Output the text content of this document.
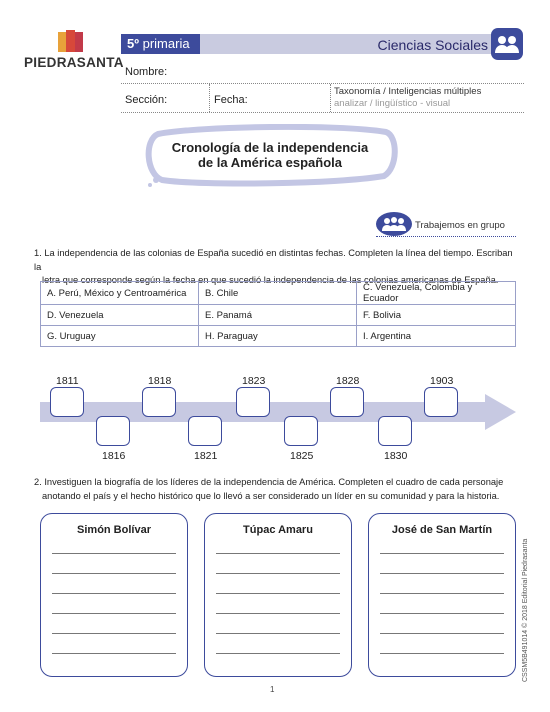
PIEDRASANTA
5º primaria	Ciencias Sociales
Nombre:
Sección:	Fecha:
Taxonomía / Inteligencias múltiples
analizar / lingüístico - visual
Cronología de la independencia
de la América española
Trabajemos en grupo
1. La independencia de las colonias de España sucedió en distintas fechas. Completen la línea del tiempo. Escriban la
letra que corresponde según la fecha en que sucedió la independencia de las colonias americanas de España.
A. Perú, México y Centroamérica	B. Chile	C. Venezuela, Colombia y Ecuador
D. Venezuela	E. Panamá	F. Bolivia
G. Uruguay	H. Paraguay	I. Argentina
1811	1818	1823	1828	1903
1816	1821	1825	1830
2. Investiguen la biografía de los líderes de la independencia de América. Completen el cuadro de cada personaje
anotando el país y el hecho histórico que lo llevó a ser considerado un líder en su comunidad y para la historia.
Simón Bolívar	Túpac Amaru	José de San Martín
CSSM5B491014 © 2018 Editorial Piedrasanta
1
